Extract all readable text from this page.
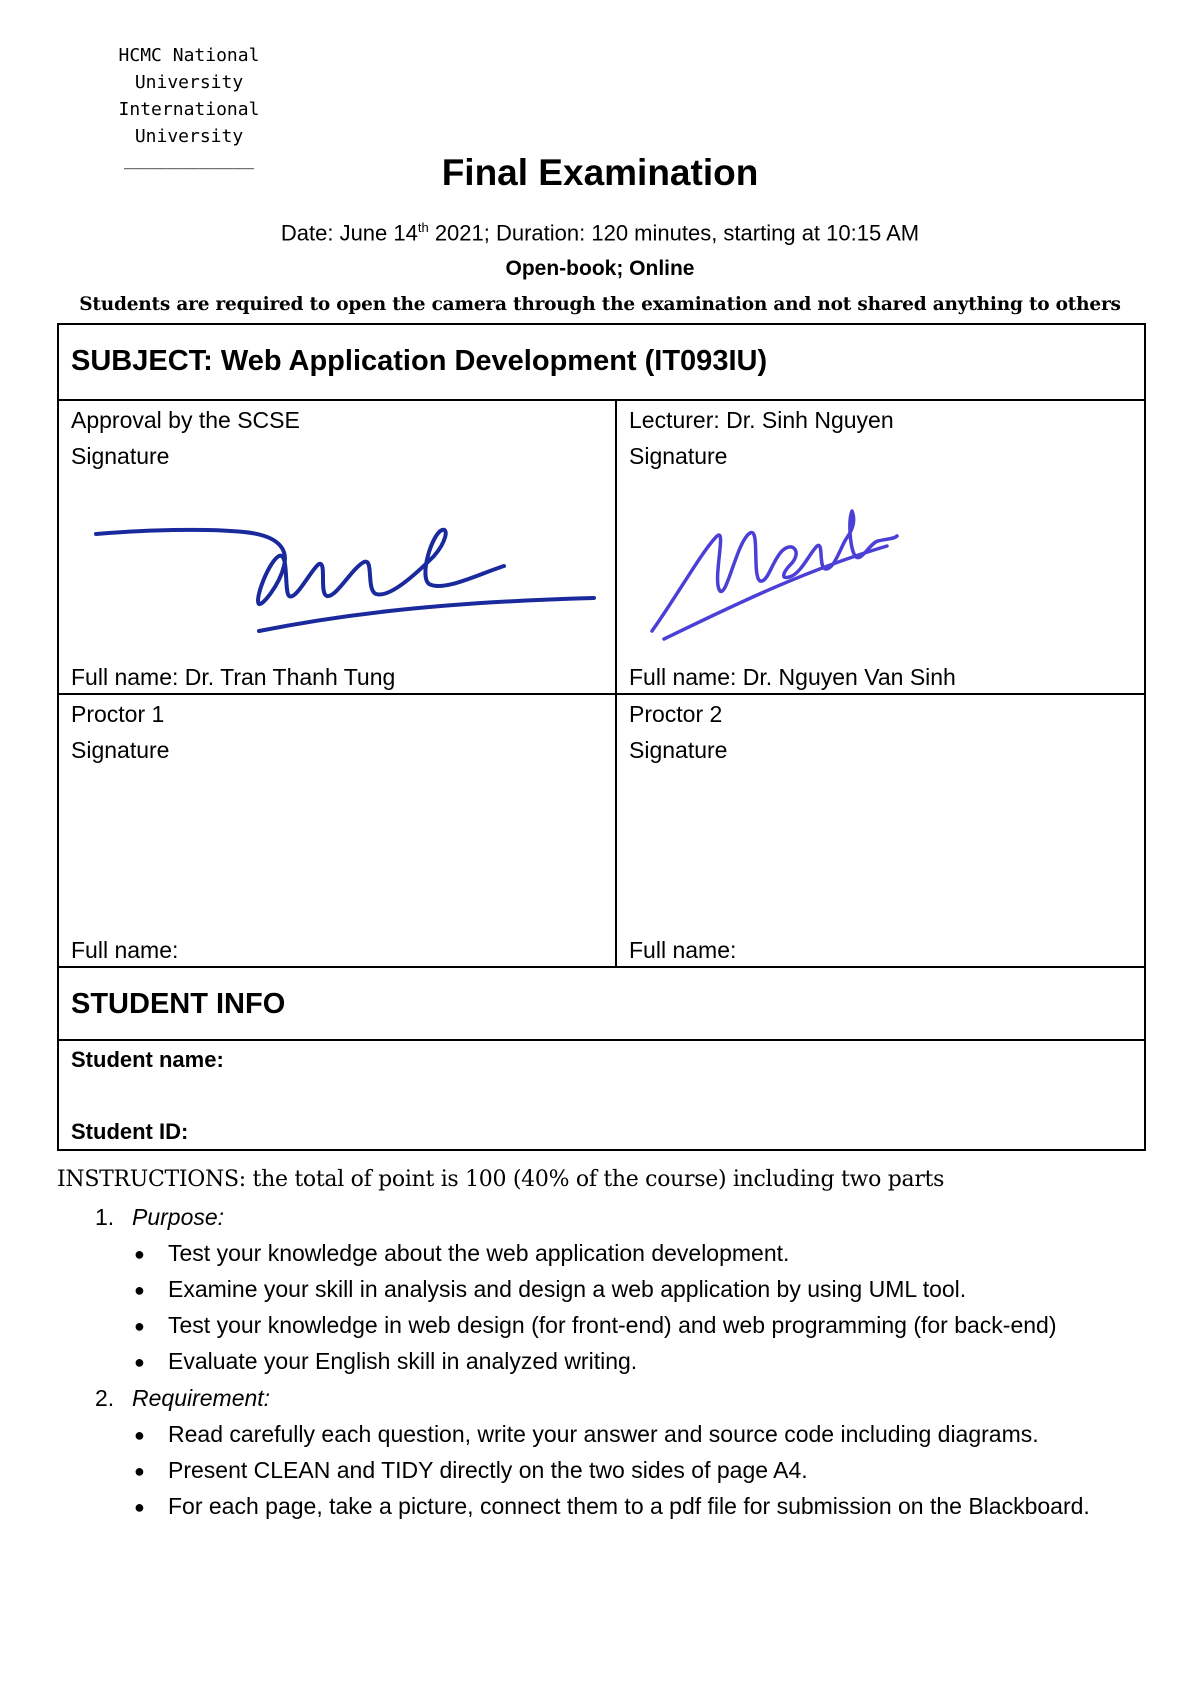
HCMC National University
International University
____________	Final Examination
Date: June 14th 2021; Duration: 120 minutes, starting at 10:15 AM
Open-book; Online
Students are required to open the camera through the examination and not shared anything to others
SUBJECT: Web Application Development (IT093IU)
Approval by the SCSE
Signature
Full name: Dr. Tran Thanh Tung
Lecturer: Dr. Sinh Nguyen
Signature
Full name: Dr. Nguyen Van Sinh
Proctor 1
Signature
Full name:
Proctor 2
Signature
Full name:
STUDENT INFO
Student name:
Student ID:
INSTRUCTIONS: the total of point is 100 (40% of the course) including two parts
1. Purpose:
● Test your knowledge about the web application development.
● Examine your skill in analysis and design a web application by using UML tool.
● Test your knowledge in web design (for front-end) and web programming (for back-end)
● Evaluate your English skill in analyzed writing.
2. Requirement:
● Read carefully each question, write your answer and source code including diagrams.
● Present CLEAN and TIDY directly on the two sides of page A4.
● For each page, take a picture, connect them to a pdf file for submission on the Blackboard.
